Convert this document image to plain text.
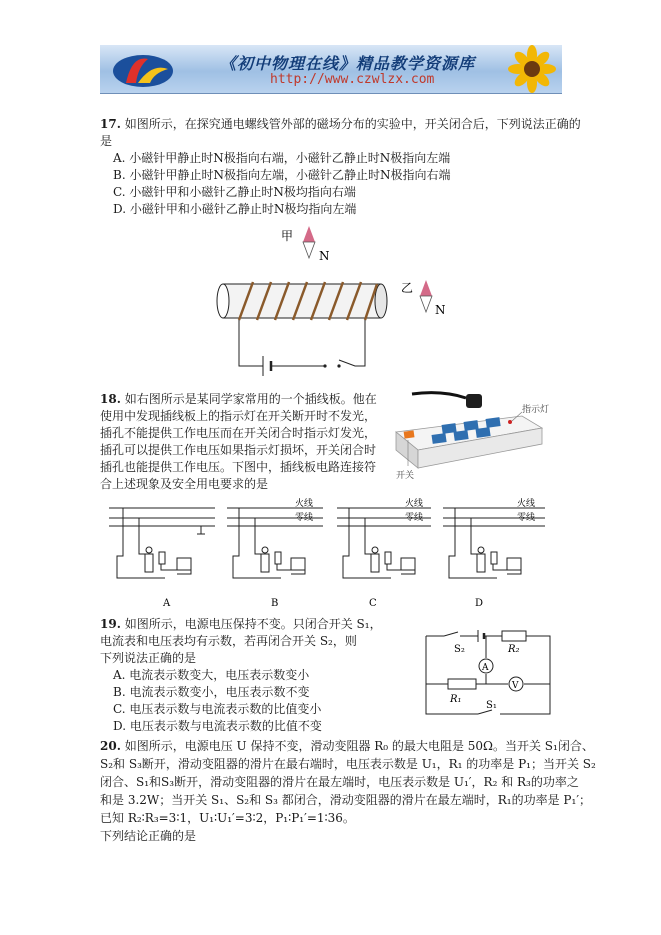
《初中物理在线》精品教学资源库
http://www.czwlzx.com
17. 如图所示，在探究通电螺线管外部的磁场分布的实验中，开关闭合后，下列说法正确的
是
A. 小磁针甲静止时N极指向右端，小磁针乙静止时N极指向左端
B. 小磁针甲静止时N极指向左端，小磁针乙静止时N极指向右端
C. 小磁针甲和小磁针乙静止时N极均指向右端
D. 小磁针甲和小磁针乙静止时N极均指向左端
甲
N
乙
N
18. 如右图所示是某同学家常用的一个插线板。他在
使用中发现插线板上的指示灯在开关断开时不发光，
插孔不能提供工作电压而在开关闭合时指示灯发光，
插孔可以提供工作电压如果指示灯损坏，开关闭合时
插孔也能提供工作电压。下图中，插线板电路连接符
合上述现象及安全用电要求的是
指示灯
开关
火线
零线
火线
零线
火线
零线
A	B	C	D
19. 如图所示，电源电压保持不变。只闭合开关 S₁，
电流表和电压表均有示数，若再闭合开关 S₂，则
下列说法正确的是
A. 电流表示数变大，电压表示数变小
B. 电流表示数变小，电压表示数不变
C. 电压表示数与电流表示数的比值变小
D. 电压表示数与电流表示数的比值不变
S₂	R₂
A
V
R₁
S₁
20. 如图所示，电源电压 U 保持不变，滑动变阻器 R₀ 的最大电阻是 50Ω。当开关 S₁闭合、
S₂和 S₃断开，滑动变阻器的滑片在最右端时，电压表示数是 U₁，R₁ 的功率是 P₁；当开关 S₂
闭合、S₁和S₃断开，滑动变阻器的滑片在最左端时，电压表示数是 U₁′，R₂ 和 R₃的功率之
和是 3.2W；当开关 S₁、S₂和 S₃ 都闭合，滑动变阻器的滑片在最左端时，R₁的功率是 P₁′；
已知 R₂∶R₃=3∶1，U₁∶U₁′=3∶2，P₁∶P₁′=1∶36。
下列结论正确的是
